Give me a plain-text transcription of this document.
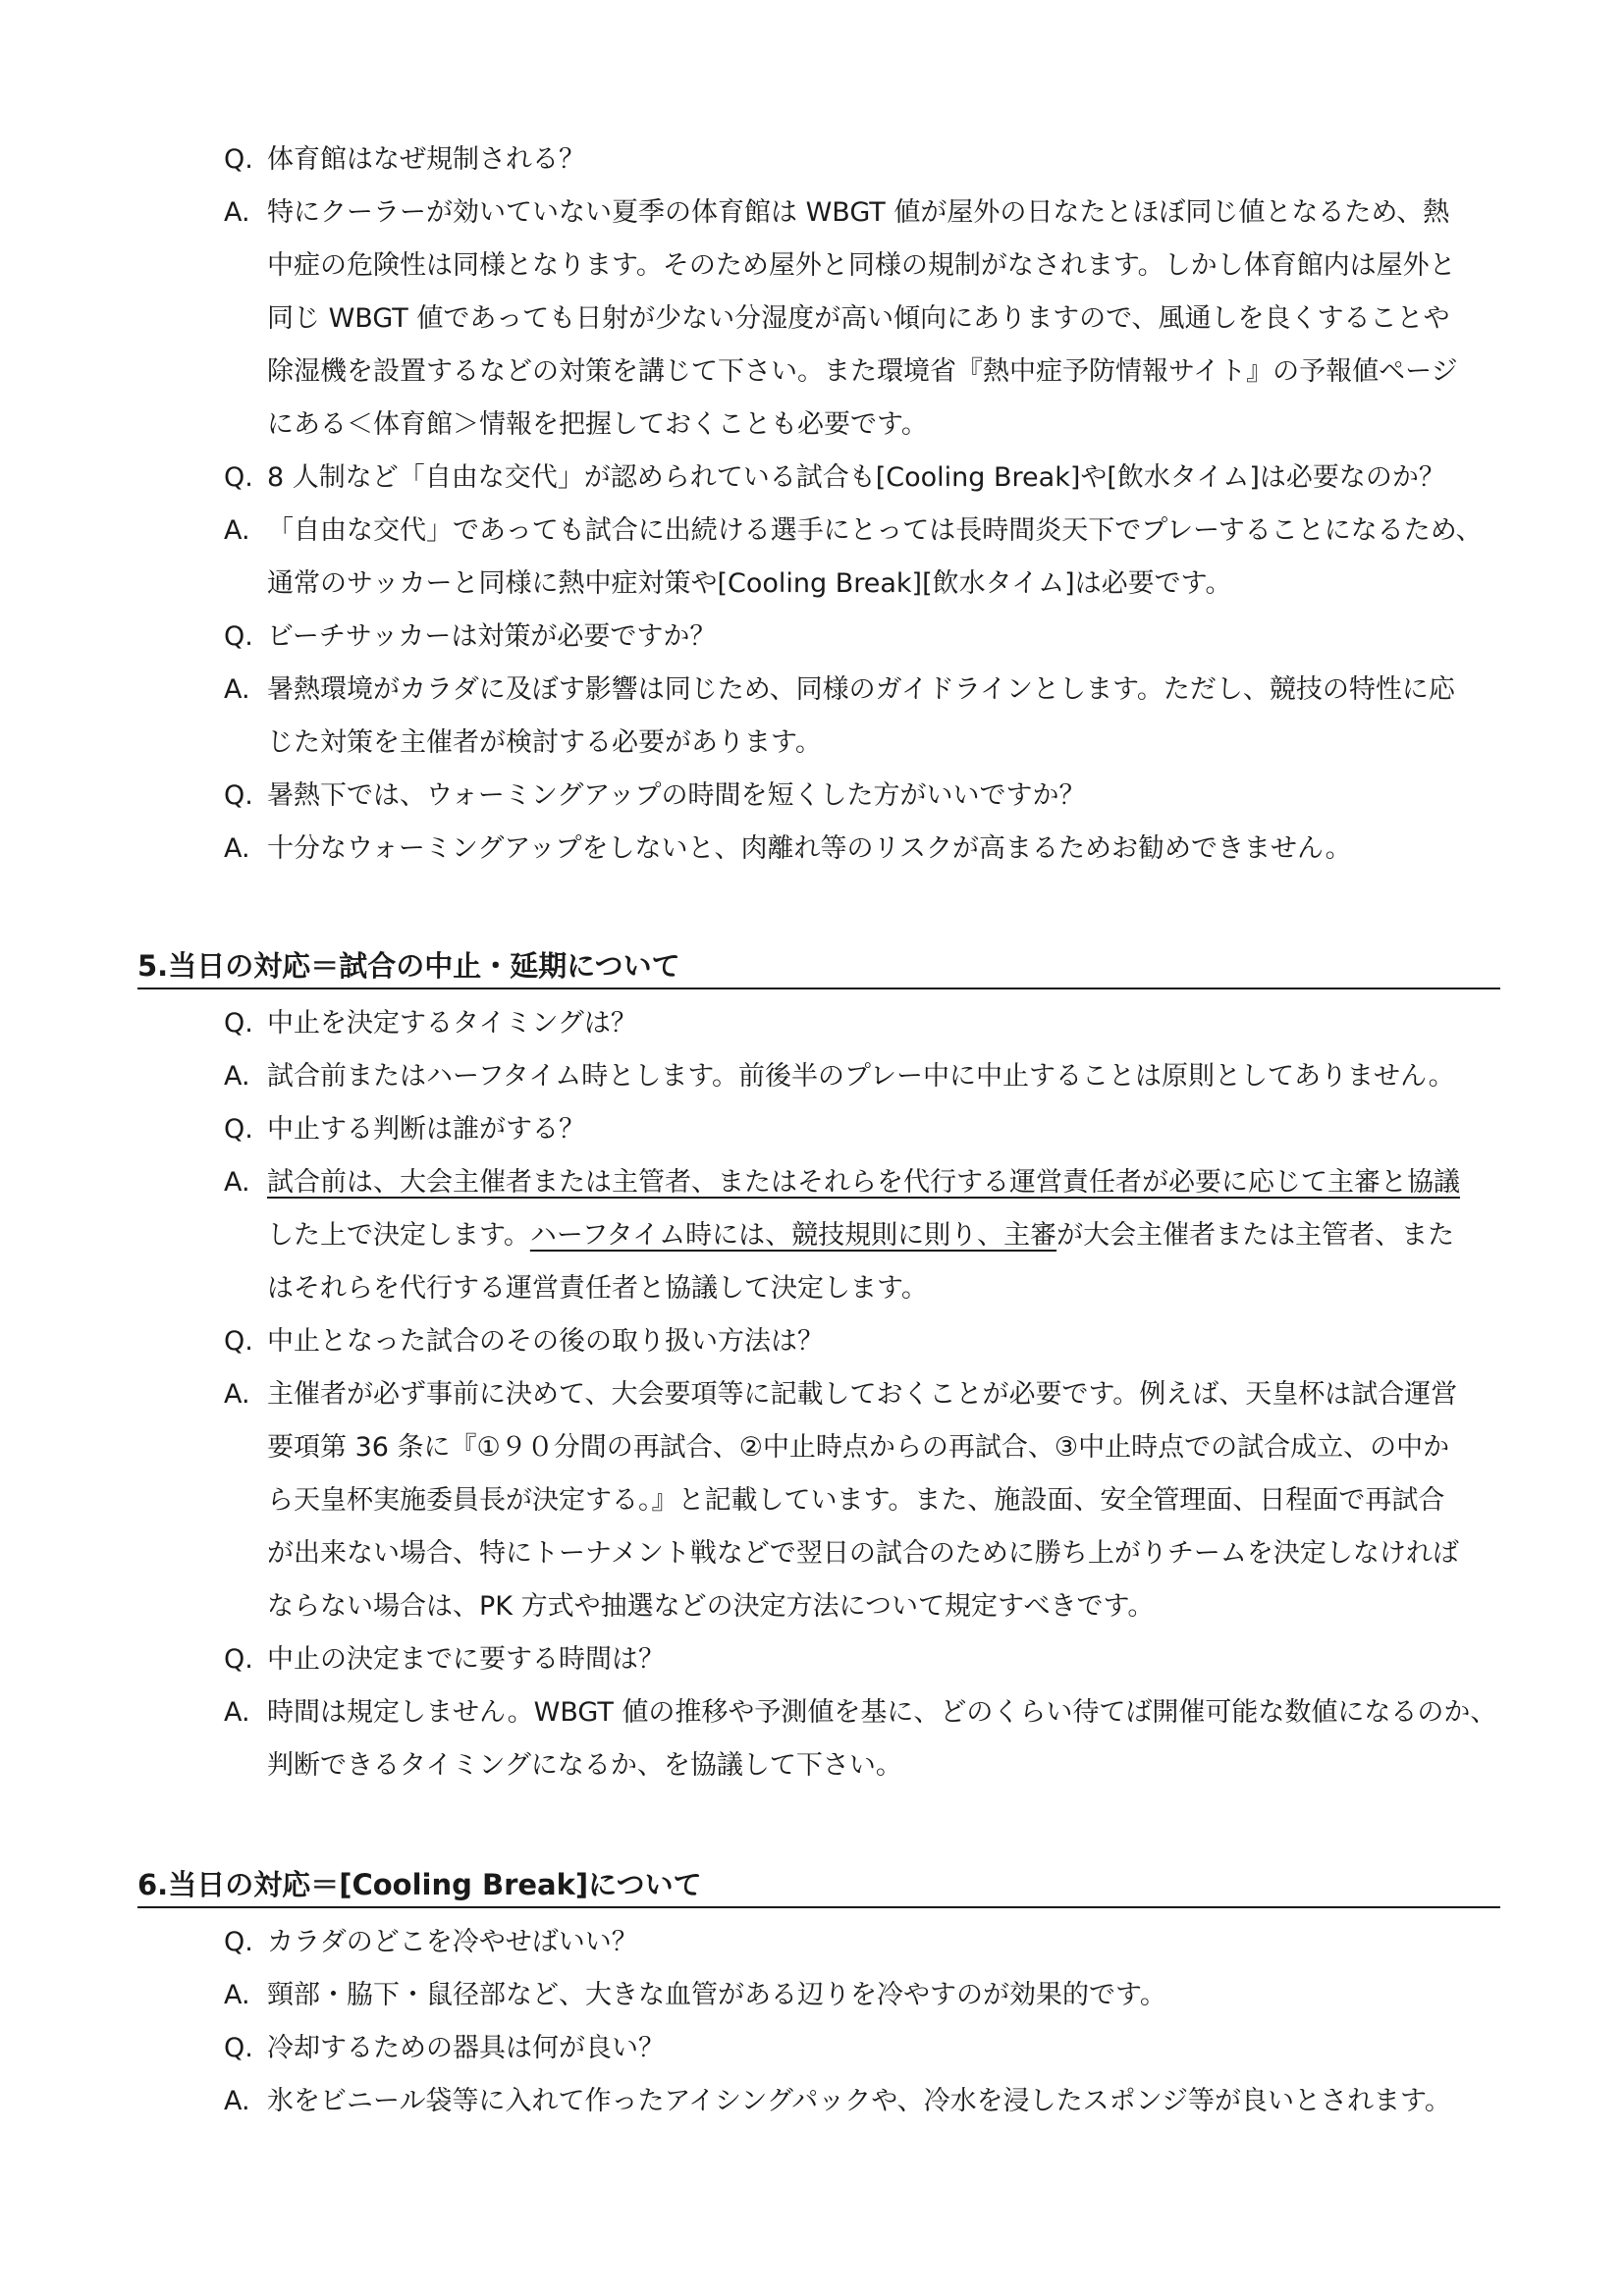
Q. 体育館はなぜ規制される？
A. 特にクーラーが効いていない夏季の体育館は WBGT 値が屋外の日なたとほぼ同じ値となるため、熱
中症の危険性は同様となります。そのため屋外と同様の規制がなされます。しかし体育館内は屋外と
同じ WBGT 値であっても日射が少ない分湿度が高い傾向にありますので、風通しを良くすることや
除湿機を設置するなどの対策を講じて下さい。また環境省『熱中症予防情報サイト』の予報値ページ
にある＜体育館＞情報を把握しておくことも必要です。
Q. 8 人制など「自由な交代」が認められている試合も[Cooling Break]や[飲水タイム]は必要なのか？
A. 「自由な交代」であっても試合に出続ける選手にとっては長時間炎天下でプレーすることになるため、
通常のサッカーと同様に熱中症対策や[Cooling Break][飲水タイム]は必要です。
Q. ビーチサッカーは対策が必要ですか？
A. 暑熱環境がカラダに及ぼす影響は同じため、同様のガイドラインとします。ただし、競技の特性に応
じた対策を主催者が検討する必要があります。
Q. 暑熱下では、ウォーミングアップの時間を短くした方がいいですか？
A. 十分なウォーミングアップをしないと、肉離れ等のリスクが高まるためお勧めできません。
5.当日の対応＝試合の中止・延期について
Q. 中止を決定するタイミングは？
A. 試合前またはハーフタイム時とします。前後半のプレー中に中止することは原則としてありません。
Q. 中止する判断は誰がする？
A. 試合前は、大会主催者または主管者、またはそれらを代行する運営責任者が必要に応じて主審と協議
した上で決定します。ハーフタイム時には、競技規則に則り、主審が大会主催者または主管者、また
はそれらを代行する運営責任者と協議して決定します。
Q. 中止となった試合のその後の取り扱い方法は？
A. 主催者が必ず事前に決めて、大会要項等に記載しておくことが必要です。例えば、天皇杯は試合運営
要項第 36 条に『①９０分間の再試合、②中止時点からの再試合、③中止時点での試合成立、の中か
ら天皇杯実施委員長が決定する。』と記載しています。また、施設面、安全管理面、日程面で再試合
が出来ない場合、特にトーナメント戦などで翌日の試合のために勝ち上がりチームを決定しなければ
ならない場合は、PK 方式や抽選などの決定方法について規定すべきです。
Q. 中止の決定までに要する時間は？
A. 時間は規定しません。WBGT 値の推移や予測値を基に、どのくらい待てば開催可能な数値になるのか、
判断できるタイミングになるか、を協議して下さい。
6.当日の対応＝[Cooling Break]について
Q. カラダのどこを冷やせばいい？
A. 頸部・脇下・鼠径部など、大きな血管がある辺りを冷やすのが効果的です。
Q. 冷却するための器具は何が良い？
A. 氷をビニール袋等に入れて作ったアイシングパックや、冷水を浸したスポンジ等が良いとされます。
